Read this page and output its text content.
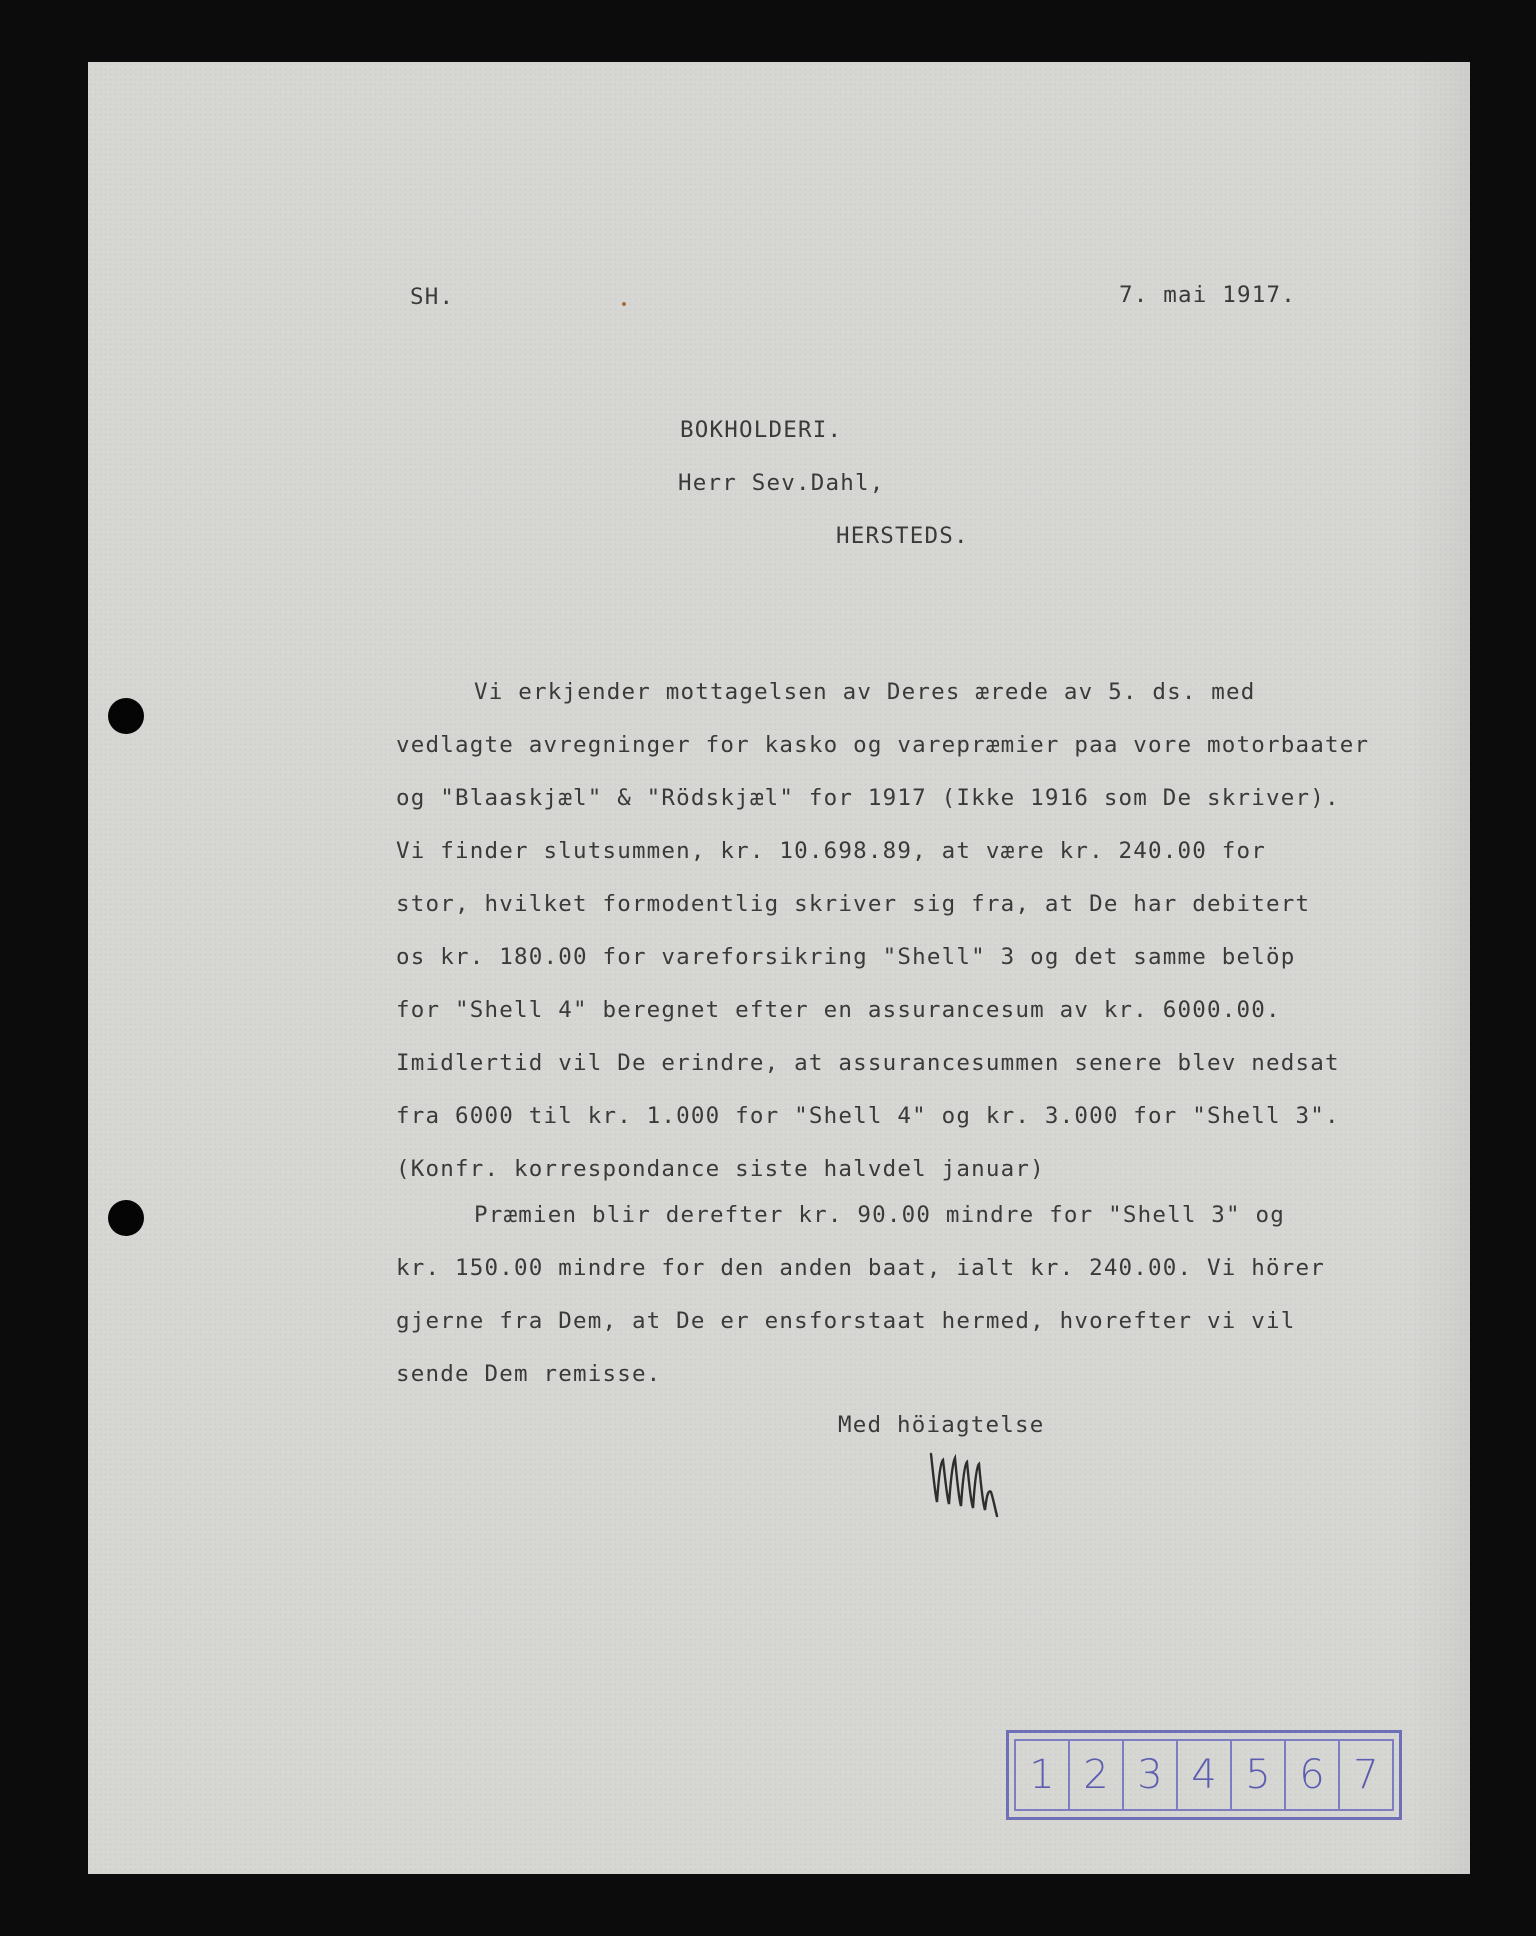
SH.	7. mai 1917.
BOKHOLDERI.
Herr Sev.Dahl,
HERSTEDS.
Vi erkjender mottagelsen av Deres ærede av 5. ds. med
vedlagte avregninger for kasko og varepræmier paa vore motorbaater
og "Blaaskjæl" & "Rödskjæl" for 1917 (Ikke 1916 som De skriver).
Vi finder slutsummen, kr. 10.698.89, at være kr. 240.00 for
stor, hvilket formodentlig skriver sig fra, at De har debitert
os kr. 180.00 for vareforsikring "Shell" 3 og det samme belöp
for "Shell 4" beregnet efter en assurancesum av kr. 6000.00.
Imidlertid vil De erindre, at assurancesummen senere blev nedsat
fra 6000 til kr. 1.000 for "Shell 4" og kr. 3.000 for "Shell 3".
(Konfr. korrespondance siste halvdel januar)
Præmien blir derefter kr. 90.00 mindre for "Shell 3" og
kr. 150.00 mindre for den anden baat, ialt kr. 240.00. Vi hörer
gjerne fra Dem, at De er ensforstaat hermed, hvorefter vi vil
sende Dem remisse.
Med höiagtelse
1 2 3 4 5 6 7
